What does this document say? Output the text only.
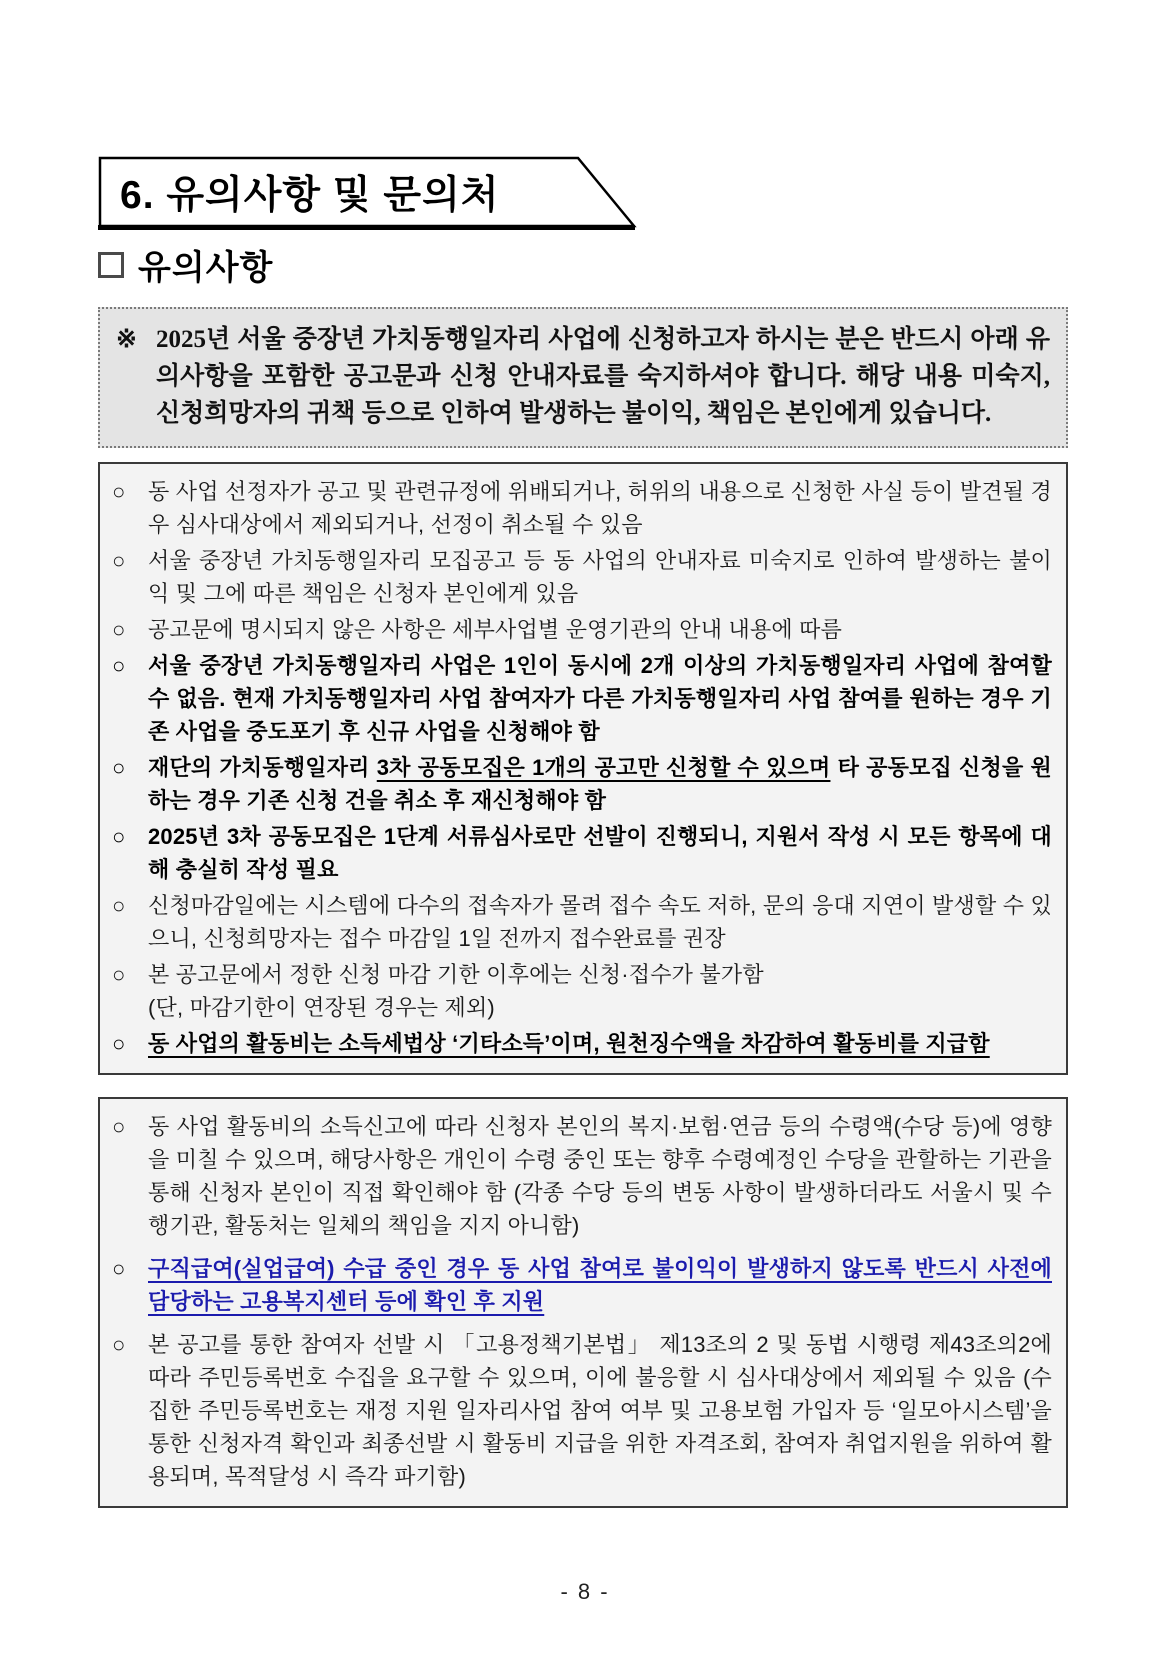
6. 유의사항 및 문의처
유의사항
※ 2025년 서울 중장년 가치동행일자리 사업에 신청하고자 하시는 분은 반드시 아래 유의사항을 포함한 공고문과 신청 안내자료를 숙지하셔야 합니다. 해당 내용 미숙지, 신청희망자의 귀책 등으로 인하여 발생하는 불이익, 책임은 본인에게 있습니다.
○ 동 사업 선정자가 공고 및 관련규정에 위배되거나, 허위의 내용으로 신청한 사실 등이 발견될 경우 심사대상에서 제외되거나, 선정이 취소될 수 있음
○ 서울 중장년 가치동행일자리 모집공고 등 동 사업의 안내자료 미숙지로 인하여 발생하는 불이익 및 그에 따른 책임은 신청자 본인에게 있음
○ 공고문에 명시되지 않은 사항은 세부사업별 운영기관의 안내 내용에 따름
○ 서울 중장년 가치동행일자리 사업은 1인이 동시에 2개 이상의 가치동행일자리 사업에 참여할 수 없음. 현재 가치동행일자리 사업 참여자가 다른 가치동행일자리 사업 참여를 원하는 경우 기존 사업을 중도포기 후 신규 사업을 신청해야 함
○ 재단의 가치동행일자리 3차 공동모집은 1개의 공고만 신청할 수 있으며 타 공동모집 신청을 원하는 경우 기존 신청 건을 취소 후 재신청해야 함
○ 2025년 3차 공동모집은 1단계 서류심사로만 선발이 진행되니, 지원서 작성 시 모든 항목에 대해 충실히 작성 필요
○ 신청마감일에는 시스템에 다수의 접속자가 몰려 접수 속도 저하, 문의 응대 지연이 발생할 수 있으니, 신청희망자는 접수 마감일 1일 전까지 접수완료를 권장
○ 본 공고문에서 정한 신청 마감 기한 이후에는 신청·접수가 불가함
(단, 마감기한이 연장된 경우는 제외)
○ 동 사업의 활동비는 소득세법상 ‘기타소득’이며, 원천징수액을 차감하여 활동비를 지급함
○ 동 사업 활동비의 소득신고에 따라 신청자 본인의 복지·보험·연금 등의 수령액(수당 등)에 영향을 미칠 수 있으며, 해당사항은 개인이 수령 중인 또는 향후 수령예정인 수당을 관할하는 기관을 통해 신청자 본인이 직접 확인해야 함 (각종 수당 등의 변동 사항이 발생하더라도 서울시 및 수행기관, 활동처는 일체의 책임을 지지 아니함)
○ 구직급여(실업급여) 수급 중인 경우 동 사업 참여로 불이익이 발생하지 않도록 반드시 사전에 담당하는 고용복지센터 등에 확인 후 지원
○ 본 공고를 통한 참여자 선발 시 「고용정책기본법」 제13조의 2 및 동법 시행령 제43조의2에 따라 주민등록번호 수집을 요구할 수 있으며, 이에 불응할 시 심사대상에서 제외될 수 있음 (수집한 주민등록번호는 재정 지원 일자리사업 참여 여부 및 고용보험 가입자 등 ‘일모아시스템’을 통한 신청자격 확인과 최종선발 시 활동비 지급을 위한 자격조회, 참여자 취업지원을 위하여 활용되며, 목적달성 시 즉각 파기함)
- 8 -
